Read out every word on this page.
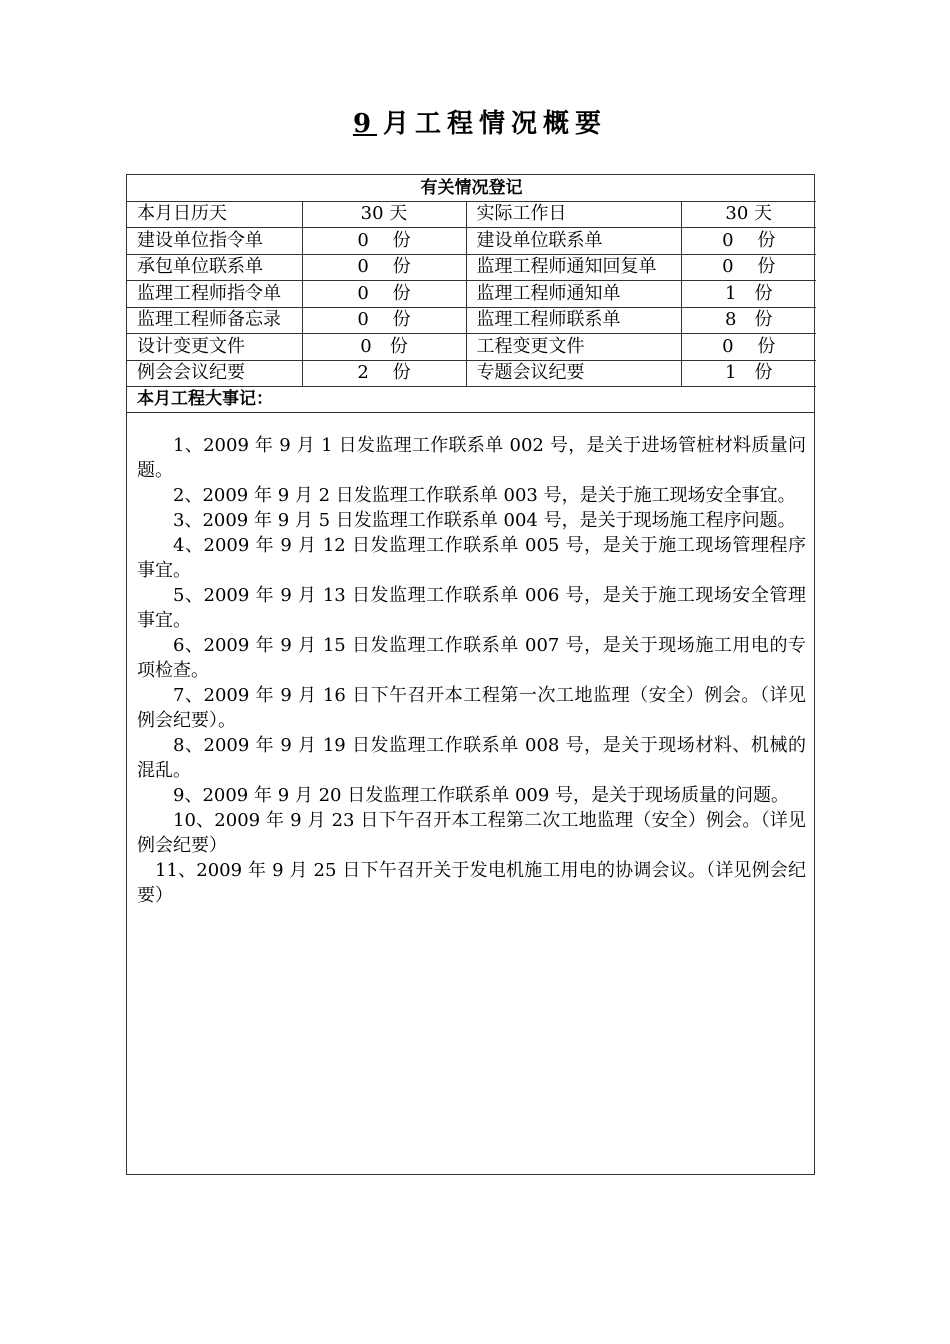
9 月工程情况概要
有关情况登记			
本月日历天	30 天	实际工作日	30 天
建设单位指令单	0　 份	建设单位联系单	0　 份
承包单位联系单	0　 份	监理工程师通知回复单	0　 份
监理工程师指令单	0　 份	监理工程师通知单	1　份
监理工程师备忘录	0　 份	监理工程师联系单	8　份
设计变更文件	0　份	工程变更文件	0　 份
例会会议纪要	2　 份	专题会议纪要	1　份
本月工程大事记：

1、2009 年 9 月 1 日发监理工作联系单 002 号，是关于进场管桩材料质量问题。

2、2009 年 9 月 2 日发监理工作联系单 003 号，是关于施工现场安全事宜。

3、2009 年 9 月 5 日发监理工作联系单 004 号，是关于现场施工程序问题。

4、2009 年 9 月 12 日发监理工作联系单 005 号，是关于施工现场管理程序事宜。

5、2009 年 9 月 13 日发监理工作联系单 006 号，是关于施工现场安全管理事宜。

6、2009 年 9 月 15 日发监理工作联系单 007 号，是关于现场施工用电的专项检查。

7、2009 年 9 月 16 日下午召开本工程第一次工地监理（安全）例会。（详见例会纪要）。

8、2009 年 9 月 19 日发监理工作联系单 008 号，是关于现场材料、机械的混乱。

9、2009 年 9 月 20 日发监理工作联系单 009 号，是关于现场质量的问题。

10、2009 年 9 月 23 日下午召开本工程第二次工地监理（安全）例会。（详见例会纪要）

11、2009 年 9 月 25 日下午召开关于发电机施工用电的协调会议。（详见例会纪要）
